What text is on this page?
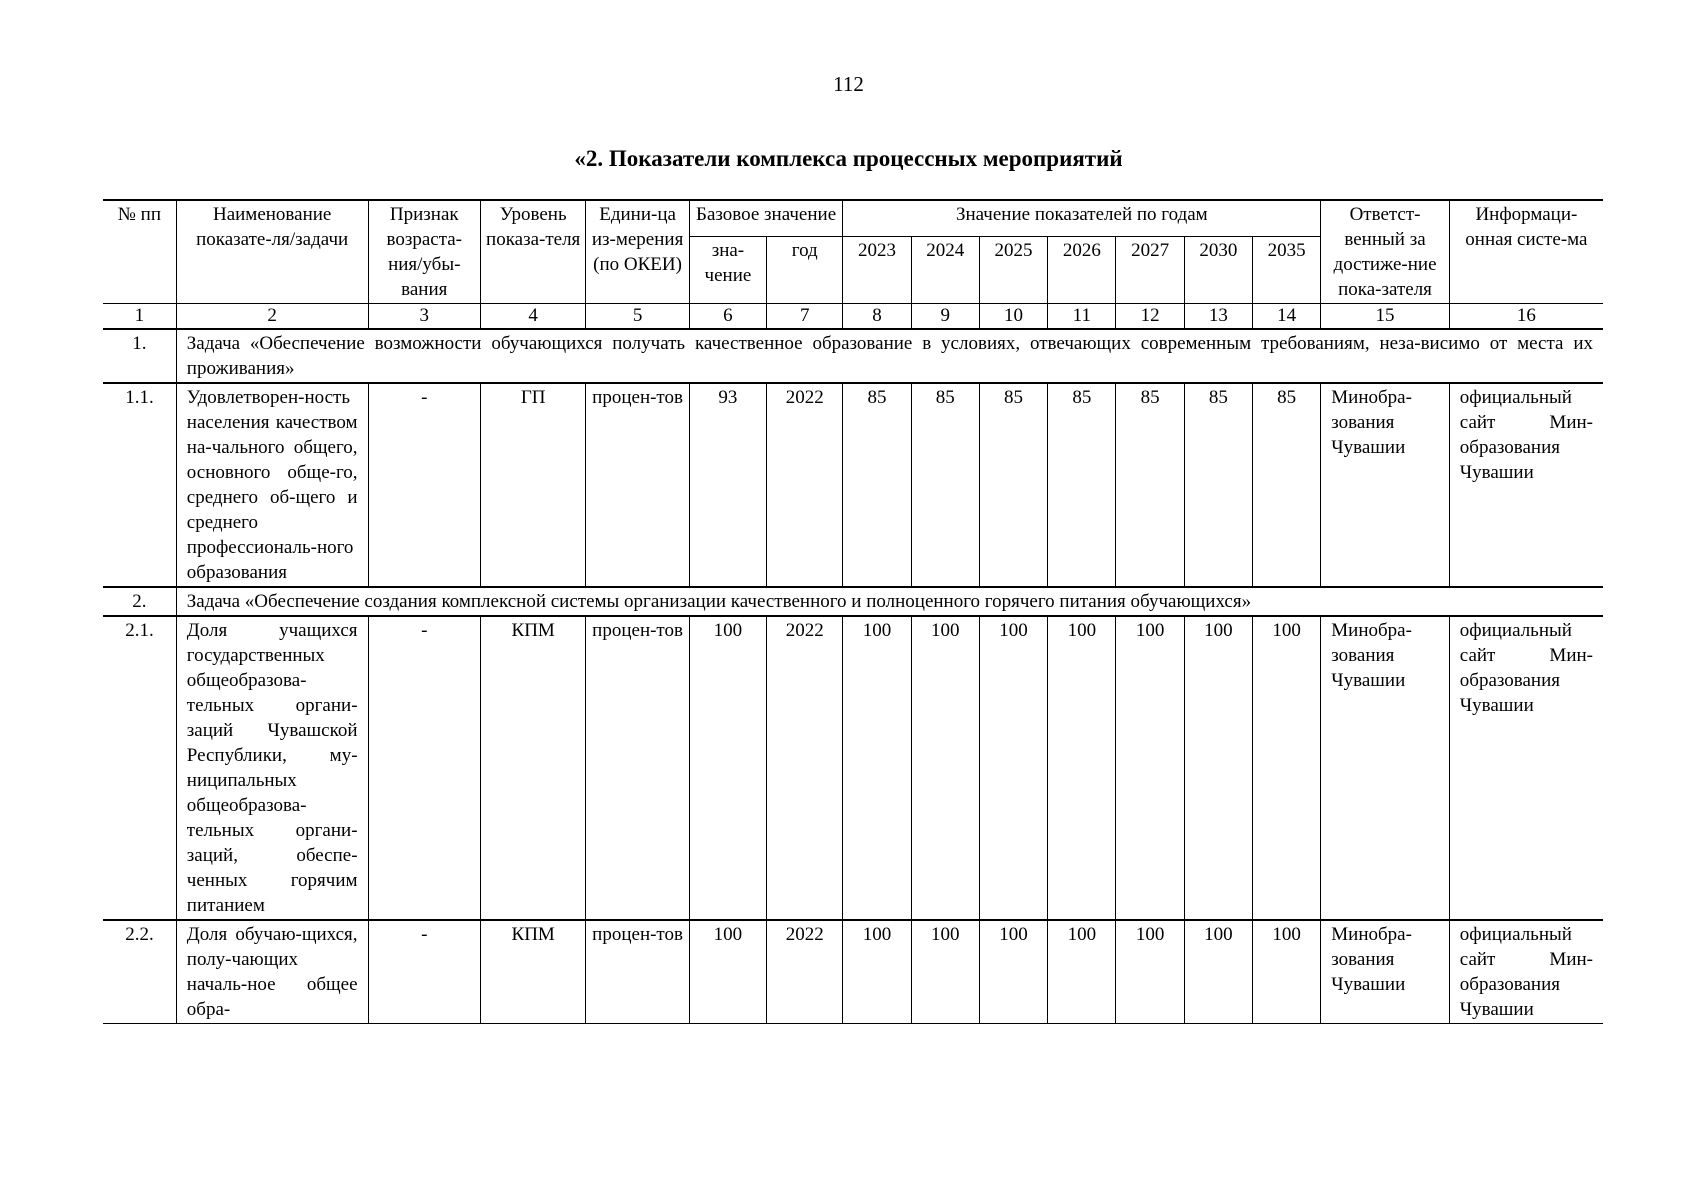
112
«2. Показатели комплекса процессных мероприятий
№ пп	Наименование показате-ля/задачи	Признак возраста-ния/убы-вания	Уровень показа-теля	Едини-ца из-мерения (по ОКЕИ)	Базовое значение		Значение показателей по годам							Ответст-венный за достиже-ние пока-зателя	Информаци-онная систе-ма
					зна-чение	год	2023	2024	2025	2026	2027	2030	2035		
1	2	3	4	5	6	7	8	9	10	11	12	13	14	15	16
1.	Задача «Обеспечение возможности обучающихся получать качественное образование в условиях, отвечающих современным требованиям, неза-висимо от места их проживания»														
1.1.	Удовлетворен-ность населения качеством на-чального общего, основного обще-го, среднего об-щего и среднего профессиональ-ного образования	-	ГП	процен-тов	93	2022	85	85	85	85	85	85	85	Минобра-зования Чувашии	официальный сайт Мин-образования Чувашии
2.	Задача «Обеспечение создания комплексной системы организации качественного и полноценного горячего питания обучающихся»														
2.1.	Доля учащихся государственных общеобразова-тельных органи-заций Чувашской Республики, му-ниципальных общеобразова-тельных органи-заций, обеспе-ченных горячим питанием	-	КПМ	процен-тов	100	2022	100	100	100	100	100	100	100	Минобра-зования Чувашии	официальный сайт Мин-образования Чувашии
2.2.	Доля обучаю-щихся, полу-чающих началь-ное общее обра-	-	КПМ	процен-тов	100	2022	100	100	100	100	100	100	100	Минобра-зования Чувашии	официальный сайт Мин-образования Чувашии
